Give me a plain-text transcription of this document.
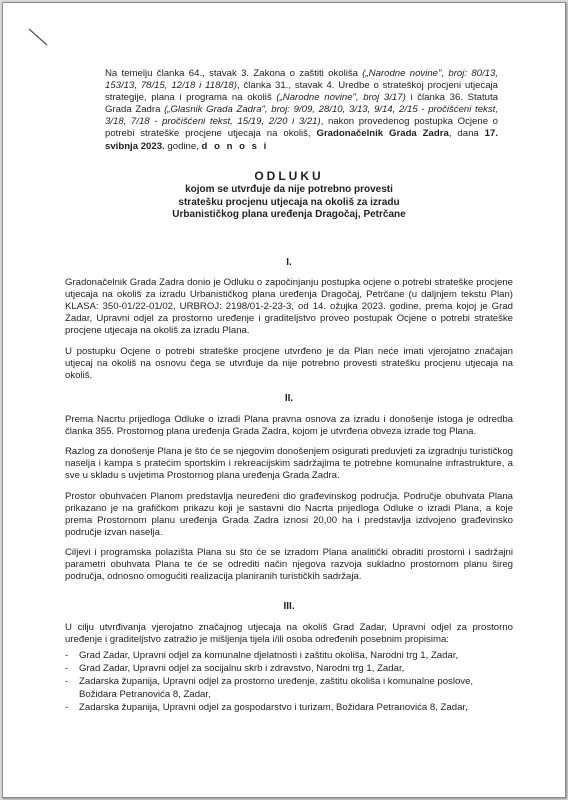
Na temelju članka 64., stavak 3. Zakona o zaštiti okoliša („Narodne novine", broj: 80/13, 153/13, 78/15, 12/18 i 118/18), članka 31., stavak 4. Uredbe o strateškoj procjeni utjecaja strategije, plana i programa na okoliš („Narodne novine", broj 3/17) i članka 36. Statuta Grada Zadra („Glasnik Grada Zadra", broj: 9/09, 28/10, 3/13, 9/14, 2/15 - pročišćeni tekst, 3/18, 7/18 - pročišćeni tekst, 15/19, 2/20 i 3/21), nakon provedenog postupka Ocjene o potrebi strateške procjene utjecaja na okoliš, Gradonačelnik Grada Zadra, dana 17. svibnja 2023. godine, d o n o s i

ODLUKU
kojom se utvrđuje da nije potrebno provesti
stratešku procjenu utjecaja na okoliš za izradu
Urbanističkog plana uređenja Dragočaj, Petrčane

I.

Gradonačelnik Grada Zadra donio je Odluku o započinjanju postupka ocjene o potrebi strateške procjene utjecaja na okoliš za izradu Urbanističkog plana uređenja Dragočaj, Petrčane (u daljnjem tekstu Plan) KLASA: 350-01/22-01/02, URBROJ: 2198/01-2-23-3, od 14. ožujka 2023. godine, prema kojoj je Grad Zadar, Upravni odjel za prostorno uređenje i graditeljstvo proveo postupak Ocjene o potrebi strateške procjene utjecaja na okoliš za izradu Plana.

U postupku Ocjene o potrebi strateške procjene utvrđeno je da Plan neće imati vjerojatno značajan utjecaj na okoliš na osnovu čega se utvrđuje da nije potrebno provesti stratešku procjenu utjecaja na okoliš.

II.

Prema Nacrtu prijedloga Odluke o izradi Plana pravna osnova za izradu i donošenje istoga je odredba članka 355. Prostornog plana uređenja Grada Zadra, kojom je utvrđena obveza izrade tog Plana.

Razlog za donošenje Plana je što će se njegovim donošenjem osigurati preduvjeti za izgradnju turističkog naselja i kampa s pratećim sportskim i rekreacijskim sadržajima te potrebne komunalne infrastrukture, a sve u skladu s uvjetima Prostornog plana uređenja Grada Zadra.

Prostor obuhvaćen Planom predstavlja neuređeni dio građevinskog područja. Područje obuhvata Plana prikazano je na grafičkom prikazu koji je sastavni dio Nacrta prijedloga Odluke o izradi Plana, a koje prema Prostornom planu uređenja Grada Zadra iznosi 20,00 ha i predstavlja izdvojeno građevinsko područje izvan naselja.

Ciljevi i programska polazišta Plana su što će se izradom Plana analitički obraditi prostorni i sadržajni parametri obuhvata Plana te će se odrediti način njegova razvoja sukladno prostornom planu šireg područja, odnosno omogućiti realizacija planiranih turističkih sadržaja.

III.

U cilju utvrđivanja vjerojatno značajnog utjecaja na okoliš Grad Zadar, Upravni odjel za prostorno uređenje i graditeljstvo zatražio je mišljenja tijela i/ili osoba određenih posebnim propisima:

- Grad Zadar, Upravni odjel za komunalne djelatnosti i zaštitu okoliša, Narodni trg 1, Zadar,
- Grad Zadar, Upravni odjel za socijalnu skrb i zdravstvo, Narodni trg 1, Zadar,
- Zadarska županija, Upravni odjel za prostorno uređenje, zaštitu okoliša i komunalne poslove, Božidara Petranovića 8, Zadar,
- Zadarska županija, Upravni odjel za gospodarstvo i turizam, Božidara Petranovića 8, Zadar,
